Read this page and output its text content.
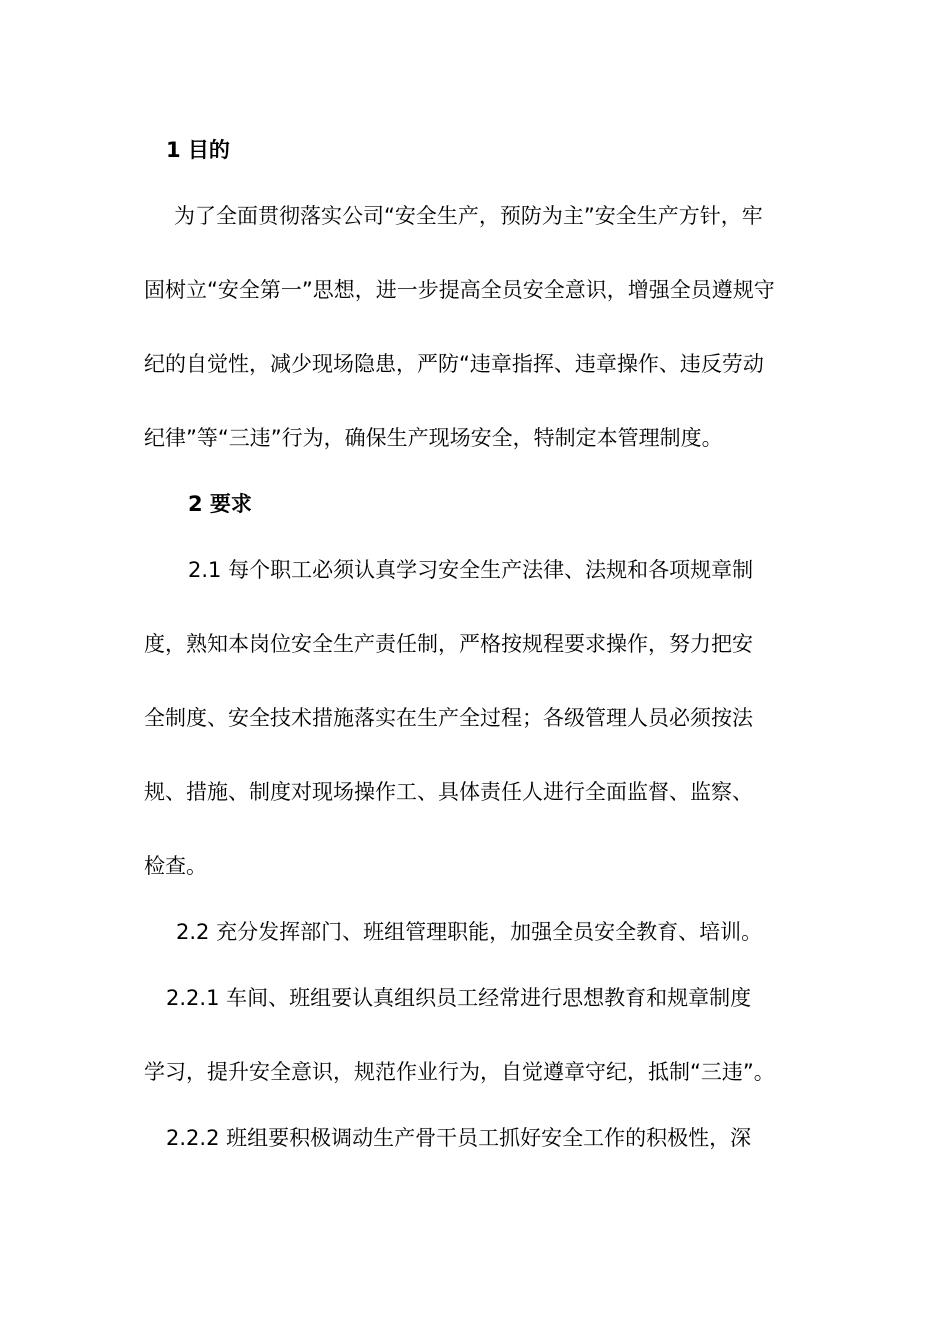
1 目的

为了全面贯彻落实公司“安全生产，预防为主”安全生产方针，牢

固树立“安全第一”思想，进一步提高全员安全意识，增强全员遵规守

纪的自觉性，减少现场隐患，严防“违章指挥、违章操作、违反劳动

纪律”等“三违”行为，确保生产现场安全，特制定本管理制度。

2 要求

2.1 每个职工必须认真学习安全生产法律、法规和各项规章制

度，熟知本岗位安全生产责任制，严格按规程要求操作，努力把安

全制度、安全技术措施落实在生产全过程；各级管理人员必须按法

规、措施、制度对现场操作工、具体责任人进行全面监督、监察、

检查。

2.2 充分发挥部门、班组管理职能，加强全员安全教育、培训。

2.2.1 车间、班组要认真组织员工经常进行思想教育和规章制度

学习，提升安全意识，规范作业行为，自觉遵章守纪，抵制“三违”。

2.2.2 班组要积极调动生产骨干员工抓好安全工作的积极性，深
